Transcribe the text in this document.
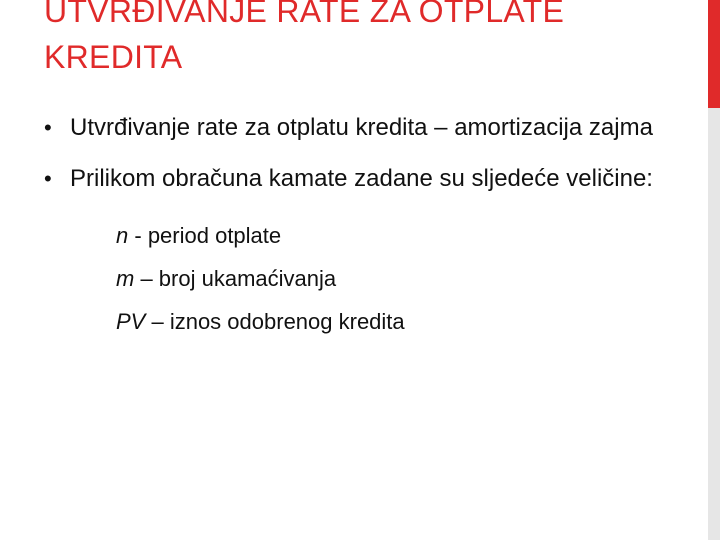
UTVRĐIVANJE RATE ZA OTPLATE
KREDITA
• Utvrđivanje rate za otplatu kredita – amortizacija zajma
• Prilikom obračuna kamate zadane su sljedeće veličine:
n - period otplate
m – broj ukamaćivanja
PV – iznos odobrenog kredita
